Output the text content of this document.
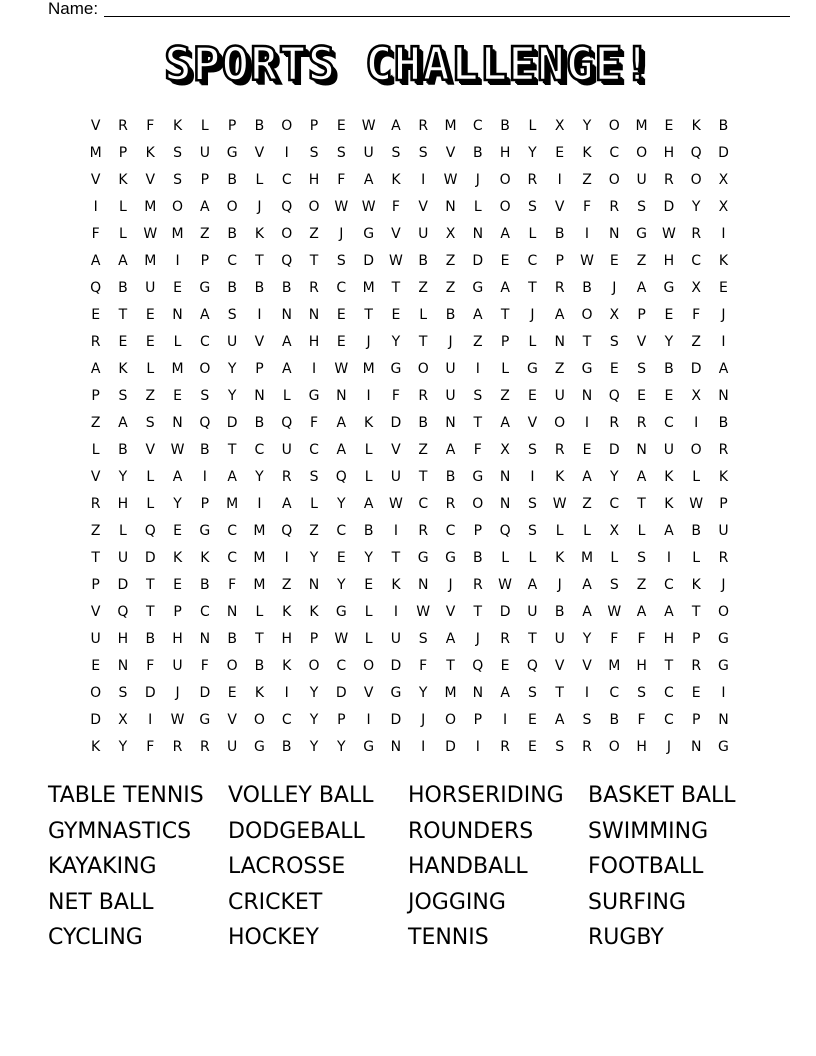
Name:
SPORTS CHALLENGE!
V	R	F	K	L	P	B	O	P	E	W	A	R	M	C	B	L	X	Y	O	M	E	K	B
M	P	K	S	U	G	V	I	S	S	U	S	S	V	B	H	Y	E	K	C	O	H	Q	D
V	K	V	S	P	B	L	C	H	F	A	K	I	W	J	O	R	I	Z	O	U	R	O	X
I	L	M	O	A	O	J	Q	O	W W	F	V	N	L	O	S	V	F	R	S	D	Y	X
F	L	W	M	Z	B	K	O	Z	J	G	V	U	X	N	A	L	B	I	N	G	W	R	I
A	A	M	I	P	C	T	Q	T	S	D	W	B	Z	D	E	C	P	W	E	Z	H	C	K
Q	B	U	E	G	B	B	B	R	C	M	T	Z	Z	G	A	T	R	B	J	A	G	X	E
E	T	E	N	A	S	I	N	N	E	T	E	L	B	A	T	J	A	O	X	P	E	F	J
R	E	E	L	C	U	V	A	H	E	J	Y	T	J	Z	P	L	N	T	S	V	Y	Z	I
A	K	L	M	O	Y	P	A	I	W	M	G	O	U	I	L	G	Z	G	E	S	B	D	A
P	S	Z	E	S	Y	N	L	G	N	I	F	R	U	S	Z	E	U	N	Q	E	E	X	N
Z	A	S	N	Q	D	B	Q	F	A	K	D	B	N	T	A	V	O	I	R	R	C	I	B
L	B	V	W	B	T	C	U	C	A	L	V	Z	A	F	X	S	R	E	D	N	U	O	R
V	Y	L	A	I	A	Y	R	S	Q	L	U	T	B	G	N	I	K	A	Y	A	K	L	K
R	H	L	Y	P	M	I	A	L	Y	A	W	C	R	O	N	S	W	Z	C	T	K	W	P
Z	L	Q	E	G	C	M	Q	Z	C	B	I	R	C	P	Q	S	L	L	X	L	A	B	U
T	U	D	K	K	C	M	I	Y	E	Y	T	G	G	B	L	L	K	M	L	S	I	L	R
P	D	T	E	B	F	M	Z	N	Y	E	K	N	J	R	W	A	J	A	S	Z	C	K	J
V	Q	T	P	C	N	L	K	K	G	L	I	W	V	T	D	U	B	A	W	A	A	T	O
U	H	B	H	N	B	T	H	P	W	L	U	S	A	J	R	T	U	Y	F	F	H	P	G
E	N	F	U	F	O	B	K	O	C	O	D	F	T	Q	E	Q	V	V	M	H	T	R	G
O	S	D	J	D	E	K	I	Y	D	V	G	Y	M	N	A	S	T	I	C	S	C	E	I
D	X	I	W	G	V	O	C	Y	P	I	D	J	O	P	I	E	A	S	B	F	C	P	N
K	Y	F	R	R	U	G	B	Y	Y	G	N	I	D	I	R	E	S	R	O	H	J	N	G
TABLE TENNIS	VOLLEY BALL	HORSERIDING	BASKET BALL
GYMNASTICS	DODGEBALL	ROUNDERS	SWIMMING
KAYAKING	LACROSSE	HANDBALL	FOOTBALL
NET BALL	CRICKET	JOGGING	SURFING
CYCLING	HOCKEY	TENNIS	RUGBY
